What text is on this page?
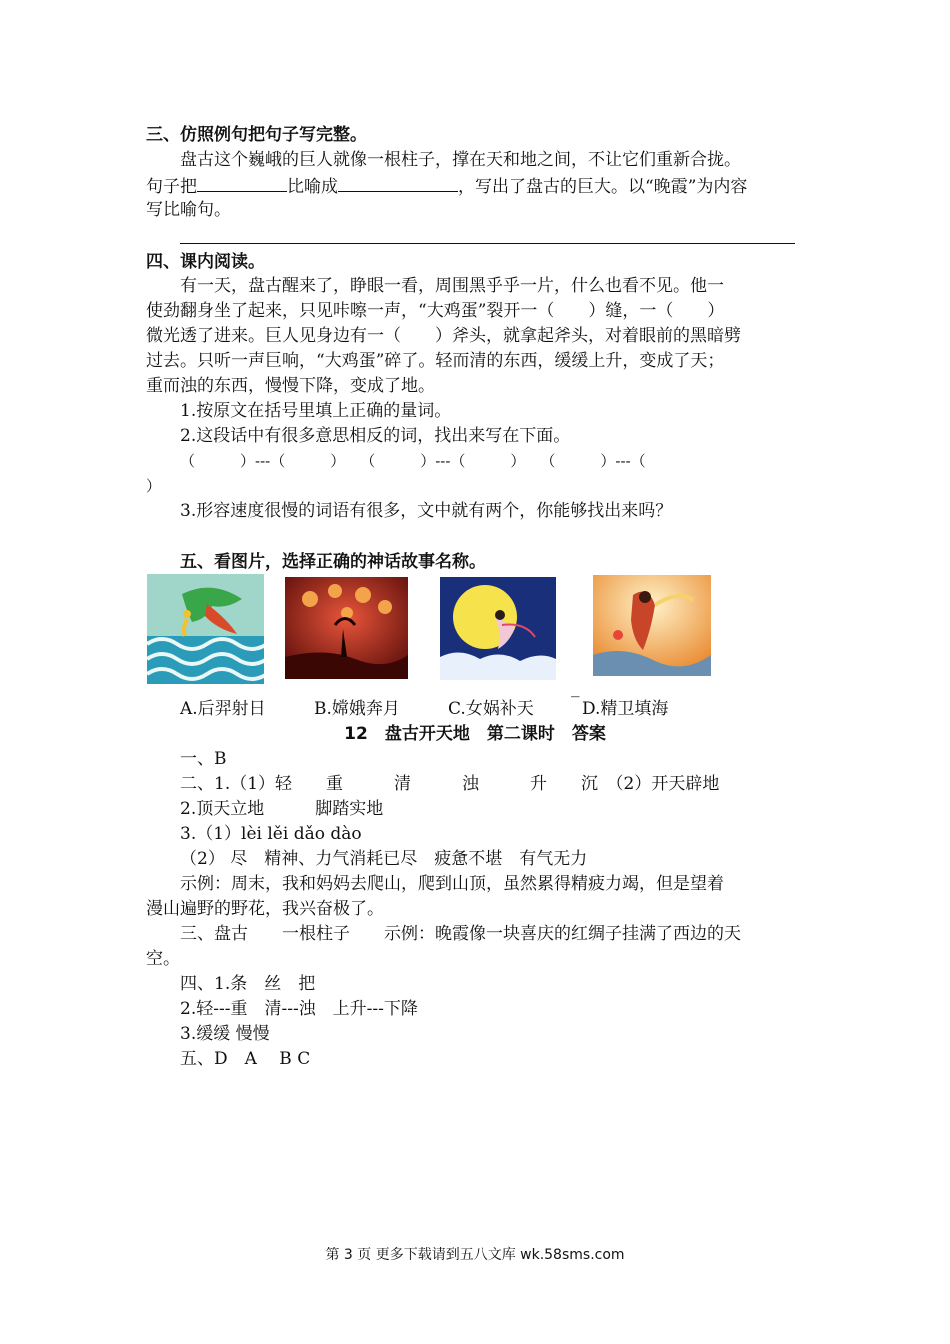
三、仿照例句把句子写完整。
盘古这个巍峨的巨人就像一根柱子，撑在天和地之间，不让它们重新合拢。
句子把	比喻成	，写出了盘古的巨大。以“晚霞”为内容
写比喻句。
四、课内阅读。
有一天，盘古醒来了，睁眼一看，周围黑乎乎一片，什么也看不见。他一
使劲翻身坐了起来，只见咔嚓一声，“大鸡蛋”裂开一（　　）缝，一（　　）
微光透了进来。巨人见身边有一（　　）斧头，就拿起斧头，对着眼前的黑暗劈
过去。只听一声巨响，“大鸡蛋”碎了。轻而清的东西，缓缓上升，变成了天；
重而浊的东西，慢慢下降，变成了地。
1.按原文在括号里填上正确的量词。
2.这段话中有很多意思相反的词，找出来写在下面。
（　　　）---（　　　）　　（　　　）---（　　　）　　（　　　）---（
）
3.形容速度很慢的词语有很多，文中就有两个，你能够找出来吗？
五、看图片，选择正确的神话故事名称。
_
A.后羿射日	B.嫦娥奔月	C.女娲补天	D.精卫填海
12　盘古开天地　第二课时　答案
一、B
二、1.（1）轻　　重　　　清　　　浊　　　升　　沉　（2）开天辟地
2.顶天立地　　　脚踏实地
3.（1）lèi lěi dǎo dào
（2） 尽　精神、力气消耗已尽　疲惫不堪　有气无力
示例：周末，我和妈妈去爬山，爬到山顶，虽然累得精疲力竭，但是望着
漫山遍野的野花，我兴奋极了。
三、盘古　　一根柱子　　示例：晚霞像一块喜庆的红绸子挂满了西边的天
空。
四、1.条　丝　把
2.轻---重　清---浊　上升---下降
3.缓缓 慢慢
五、D　A　 B C
第 3 页 更多下载请到五八文库 wk.58sms.com
